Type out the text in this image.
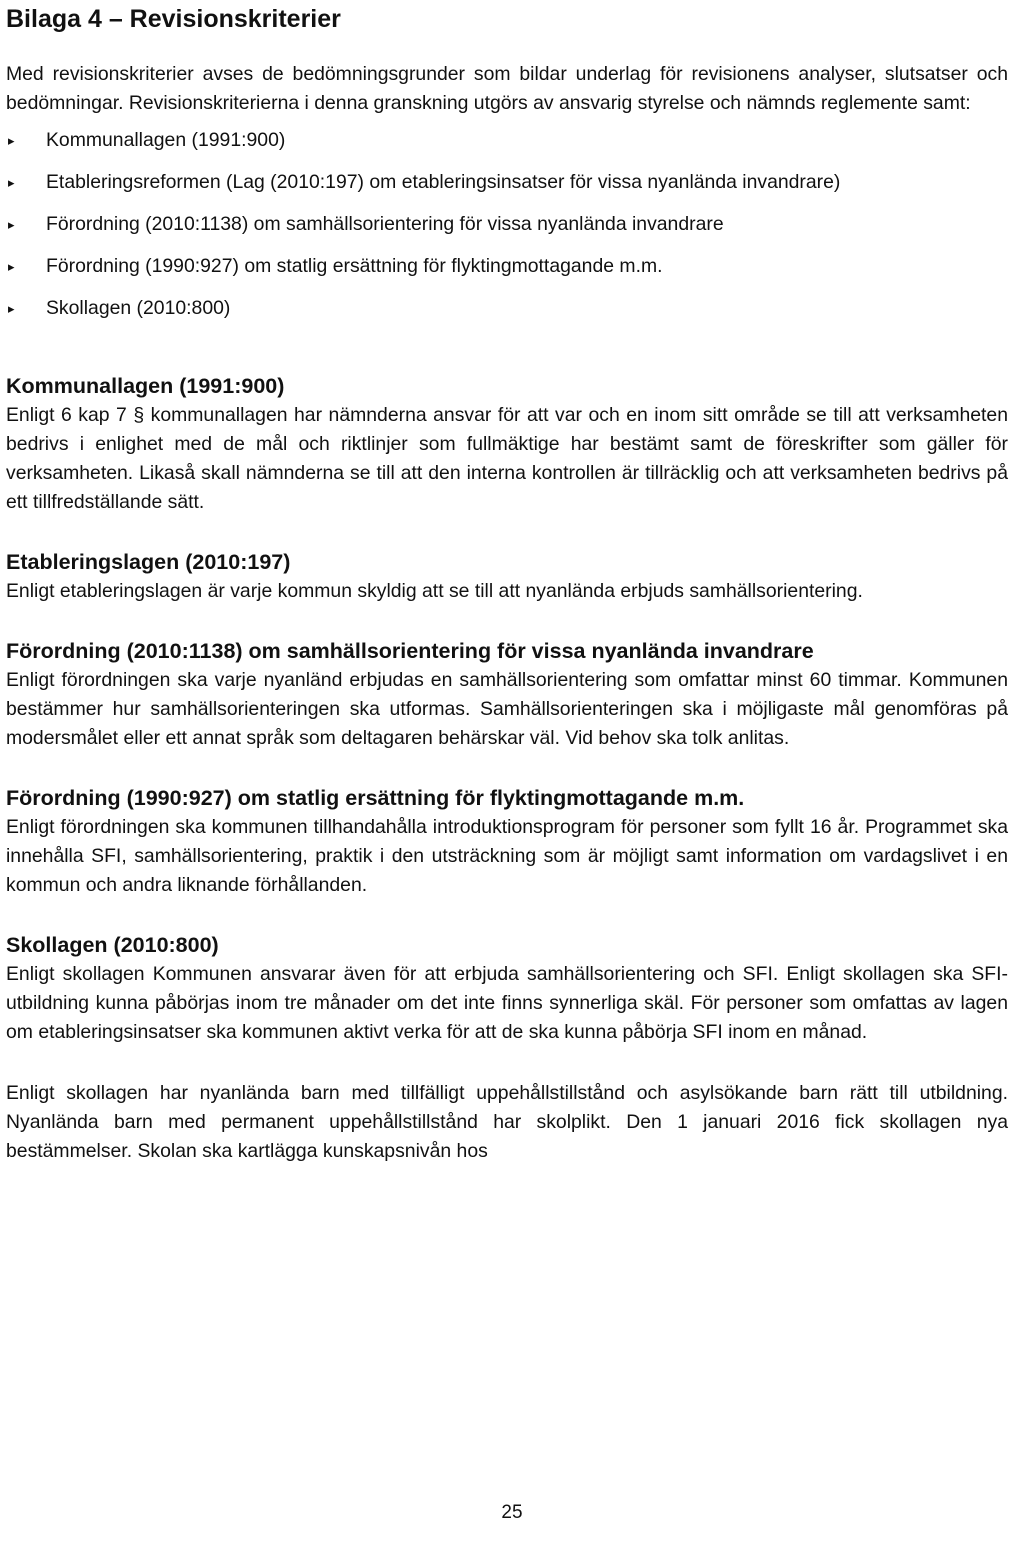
Bilaga 4 – Revisionskriterier

Med revisionskriterier avses de bedömningsgrunder som bildar underlag för revisionens analyser, slutsatser och bedömningar. Revisionskriterierna i denna granskning utgörs av ansvarig styrelse och nämnds reglemente samt:

▸ Kommunallagen (1991:900)
▸ Etableringsreformen (Lag (2010:197) om etableringsinsatser för vissa nyanlända invandrare)
▸ Förordning (2010:1138) om samhällsorientering för vissa nyanlända invandrare
▸ Förordning (1990:927) om statlig ersättning för flyktingmottagande m.m.
▸ Skollagen (2010:800)
Kommunallagen (1991:900)

Enligt 6 kap 7 § kommunallagen har nämnderna ansvar för att var och en inom sitt område se till att verksamheten bedrivs i enlighet med de mål och riktlinjer som fullmäktige har bestämt samt de föreskrifter som gäller för verksamheten. Likaså skall nämnderna se till att den interna kontrollen är tillräcklig och att verksamheten bedrivs på ett tillfredställande sätt.

Etableringslagen (2010:197)

Enligt etableringslagen är varje kommun skyldig att se till att nyanlända erbjuds samhällsorientering.

Förordning (2010:1138) om samhällsorientering för vissa nyanlända invandrare

Enligt förordningen ska varje nyanländ erbjudas en samhällsorientering som omfattar minst 60 timmar. Kommunen bestämmer hur samhällsorienteringen ska utformas. Samhällsorienteringen ska i möjligaste mål genomföras på modersmålet eller ett annat språk som deltagaren behärskar väl. Vid behov ska tolk anlitas.

Förordning (1990:927) om statlig ersättning för flyktingmottagande m.m.

Enligt förordningen ska kommunen tillhandahålla introduktionsprogram för personer som fyllt 16 år. Programmet ska innehålla SFI, samhällsorientering, praktik i den utsträckning som är möjligt samt information om vardagslivet i en kommun och andra liknande förhållanden.

Skollagen (2010:800)

Enligt skollagen Kommunen ansvarar även för att erbjuda samhällsorientering och SFI. Enligt skollagen ska SFI-utbildning kunna påbörjas inom tre månader om det inte finns synnerliga skäl. För personer som omfattas av lagen om etableringsinsatser ska kommunen aktivt verka för att de ska kunna påbörja SFI inom en månad.

Enligt skollagen har nyanlända barn med tillfälligt uppehållstillstånd och asylsökande barn rätt till utbildning. Nyanlända barn med permanent uppehållstillstånd har skolplikt. Den 1 januari 2016 fick skollagen nya bestämmelser. Skolan ska kartlägga kunskapsnivån hos

25
